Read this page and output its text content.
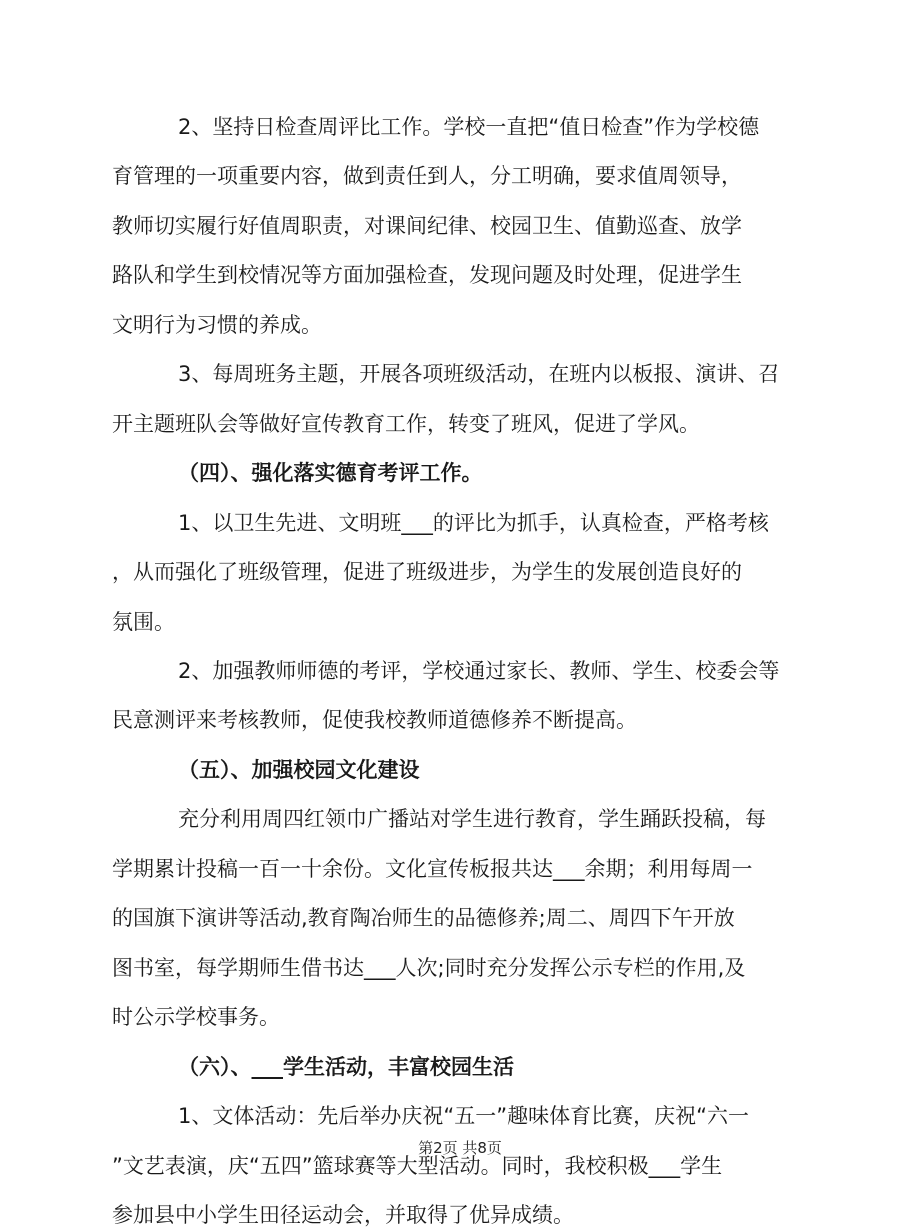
2、坚持日检查周评比工作。学校一直把“值日检查”作为学校德
育管理的一项重要内容，做到责任到人，分工明确，要求值周领导，
教师切实履行好值周职责，对课间纪律、校园卫生、值勤巡查、放学
路队和学生到校情况等方面加强检查，发现问题及时处理，促进学生
文明行为习惯的养成。
3、每周班务主题，开展各项班级活动，在班内以板报、演讲、召
开主题班队会等做好宣传教育工作，转变了班风，促进了学风。
（四）、强化落实德育考评工作。
1、以卫生先进、文明班___的评比为抓手，认真检查，严格考核
，从而强化了班级管理，促进了班级进步，为学生的发展创造良好的
氛围。
2、加强教师师德的考评，学校通过家长、教师、学生、校委会等
民意测评来考核教师，促使我校教师道德修养不断提高。
（五）、加强校园文化建设
充分利用周四红领巾广播站对学生进行教育，学生踊跃投稿，每
学期累计投稿一百一十余份。文化宣传板报共达___余期；利用每周一
的国旗下演讲等活动,教育陶冶师生的品德修养;周二、周四下午开放
图书室，每学期师生借书达___人次;同时充分发挥公示专栏的作用,及
时公示学校事务。
（六）、___学生活动，丰富校园生活
1、文体活动：先后举办庆祝“五一”趣味体育比赛，庆祝“六一
”文艺表演，庆“五四”篮球赛等大型活动。同时，我校积极___学生
参加县中小学生田径运动会，并取得了优异成绩。
第2页 共8页
